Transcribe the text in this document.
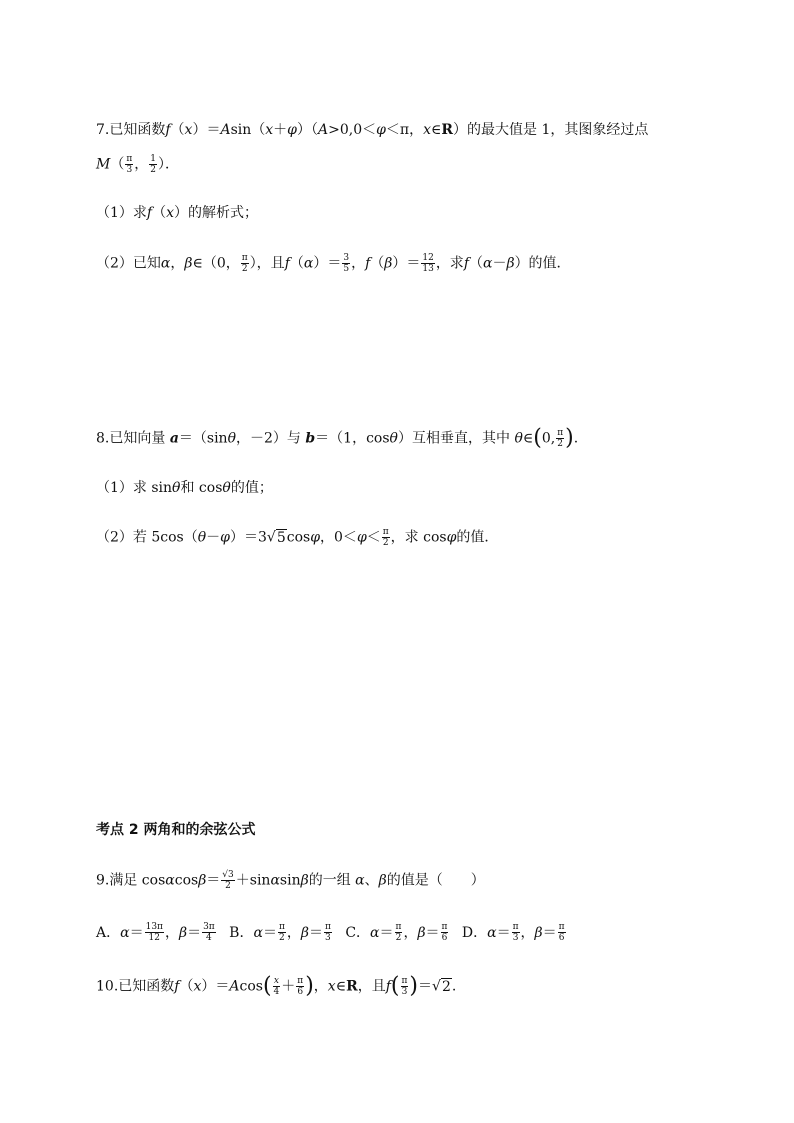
7.已知函数f（x）＝Asin（x＋φ）（A>0,0＜φ＜π，x∈R）的最大值是 1，其图象经过点
$M( \frac{\pi}{3}$ ， $\frac{1}{2}$ ）．
（1）求f（x）的解析式；
（2）已知α，β∈（0， $\frac{\pi}{2}$ ），且$f(\alpha)= \frac{3}{5}$ ，$f(\beta)= \frac{12}{13}$ ，求f（α－β）的值．
8.已知向量 a＝（sinθ，－2）与 b＝（1，cosθ）互相垂直，其中 θ∈(0, $\frac{\pi}{2}$ ).
（1）求 sinθ和 cosθ的值；
（2）若 5cos（θ－φ）＝3√5cosφ，$0<\varphi< \frac{\pi}{2}$ ，求 cosφ的值．
考点 2 两角和的余弦公式
9.满足 $\cos\alpha\cos\beta= \frac{√3}{2} +\sin\alpha\sin\beta$的一组 α、β的值是（　　）
A．$\alpha= \frac{13\pi}{12}$ ，$\beta= \frac{3\pi}{4}$ B．$\alpha= \frac{\pi}{2}$ ，$\beta= \frac{\pi}{3}$ C．$\alpha= \frac{\pi}{2}$ ，$\beta= \frac{\pi}{6}$ D．$\alpha= \frac{\pi}{3}$ ，$\beta= \frac{\pi}{6}$
10.已知函数$f(x)=Acos( \frac{x}{4} + \frac{\pi}{6}$ )，x∈R，且$f( \frac{\pi}{3} )=√2$.
